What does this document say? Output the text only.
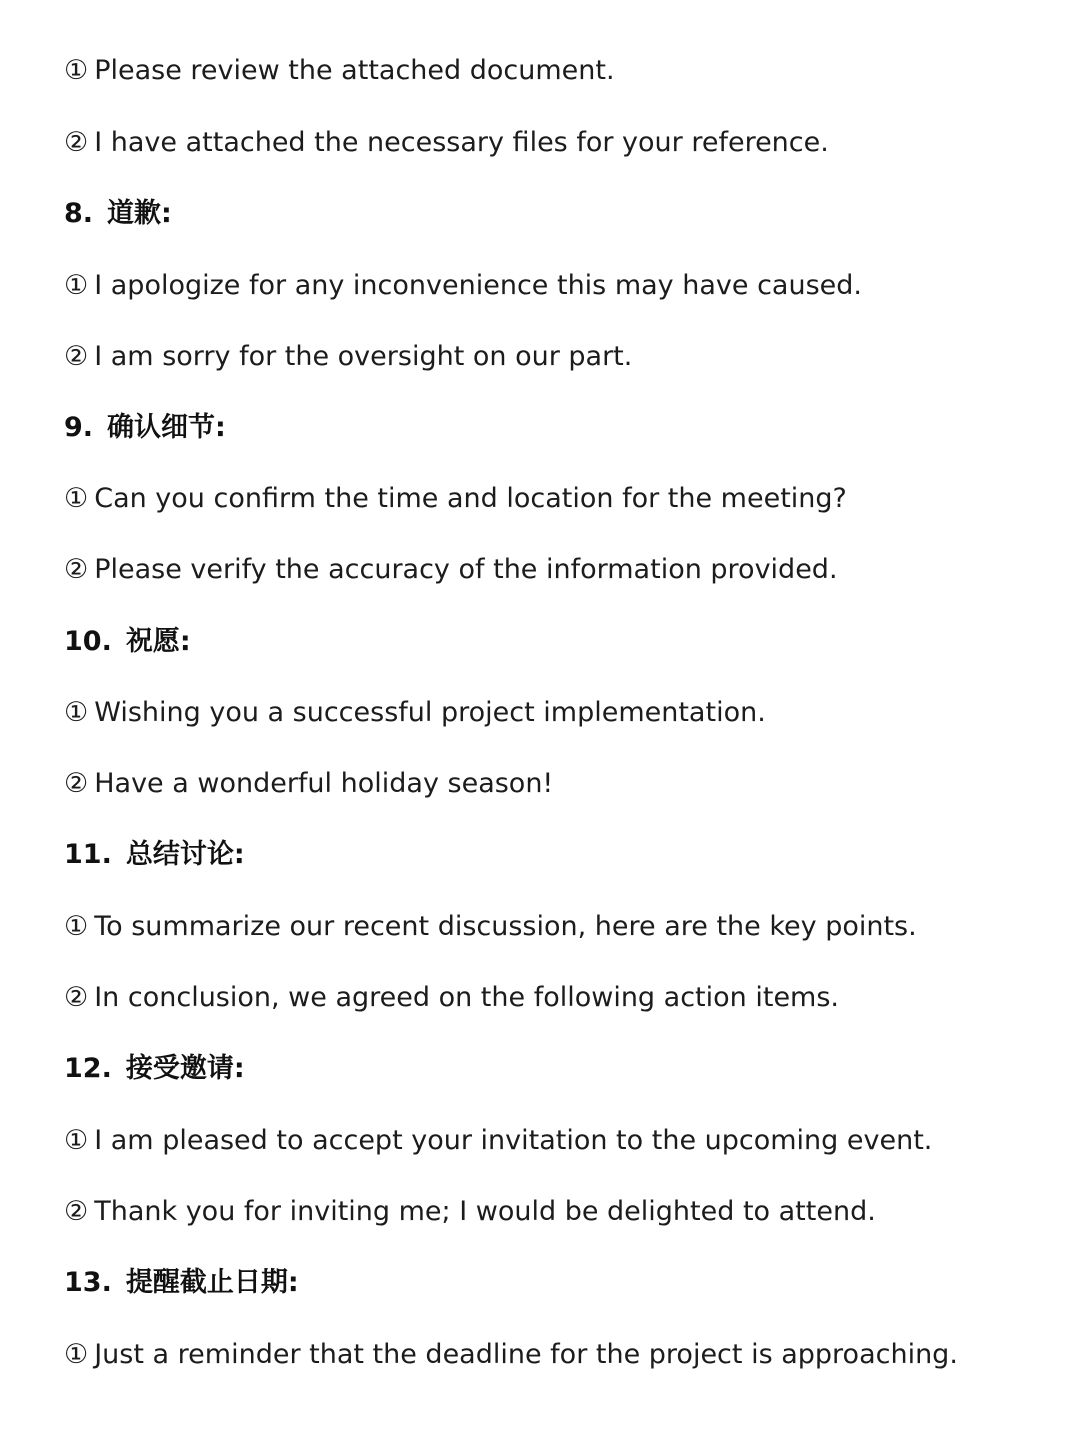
① Please review the attached document.
② I have attached the necessary files for your reference.
8. 道歉:
① I apologize for any inconvenience this may have caused.
② I am sorry for the oversight on our part.
9. 确认细节:
① Can you confirm the time and location for the meeting?
② Please verify the accuracy of the information provided.
10. 祝愿:
① Wishing you a successful project implementation.
② Have a wonderful holiday season!
11. 总结讨论:
① To summarize our recent discussion, here are the key points.
② In conclusion, we agreed on the following action items.
12. 接受邀请:
① I am pleased to accept your invitation to the upcoming event.
② Thank you for inviting me; I would be delighted to attend.
13. 提醒截止日期:
① Just a reminder that the deadline for the project is approaching.
